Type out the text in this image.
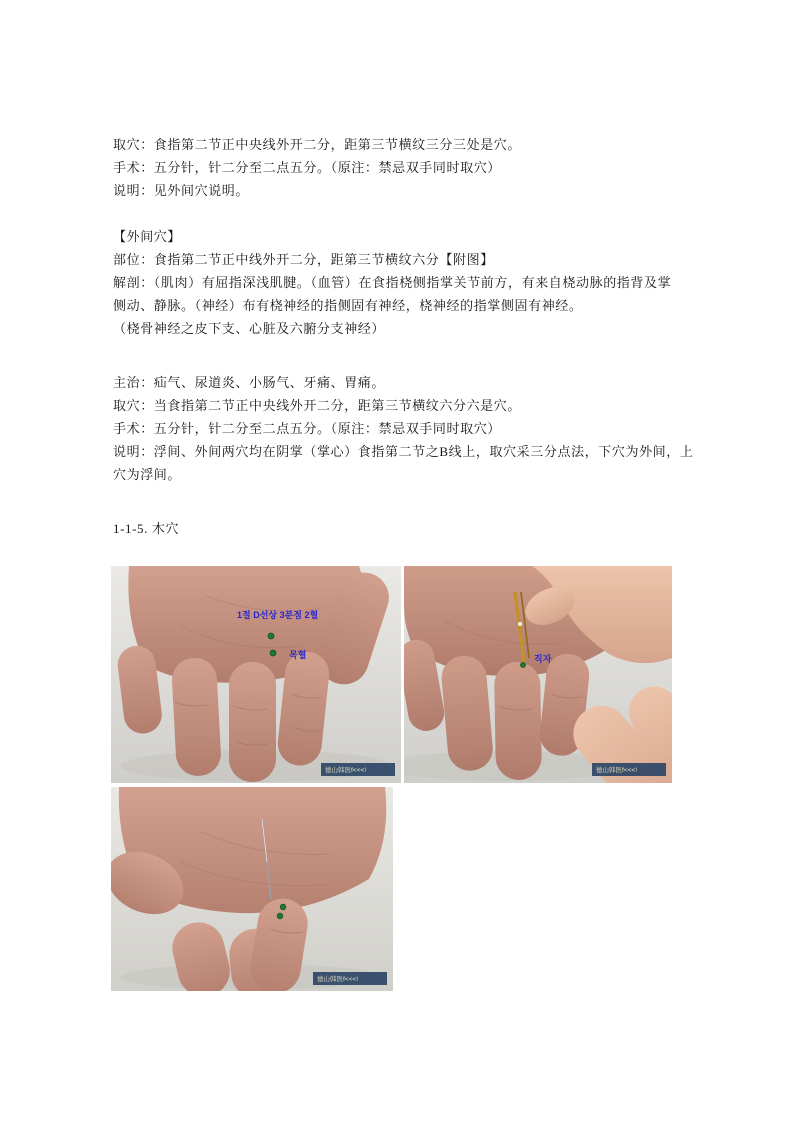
取穴：食指第二节正中央线外开二分，距第三节横纹三分三处是穴。

手术：五分针，针二分至二点五分。（原注：禁忌双手同时取穴）

说明：见外间穴说明。

【外间穴】

部位：食指第二节正中线外开二分，距第三节横纹六分【附图】

解剖：（肌肉）有屈指深浅肌腱。（血管）在食指桡侧指掌关节前方，有来自桡动脉的指背及掌

侧动、静脉。（神经）布有桡神经的指侧固有神经，桡神经的指掌侧固有神经。

（桡骨神经之皮下支、心脏及六腑分支神经）

主治：疝气、尿道炎、小肠气、牙痛、胃痛。

取穴：当食指第二节正中央线外开二分，距第三节横纹六分六是穴。

手术：五分针，针二分至二点五分。（原注：禁忌双手同时取穴）

说明：浮间、外间两穴均在阴掌（掌心）食指第二节之B线上，取穴采三分点法，下穴为外间，上

穴为浮间。

1-1-5. 木穴

1절 D선상 3분점 2혈
목혈
德山韩医f<<<!
직자
德山韩医f<<<!
德山韩医f<<<!
